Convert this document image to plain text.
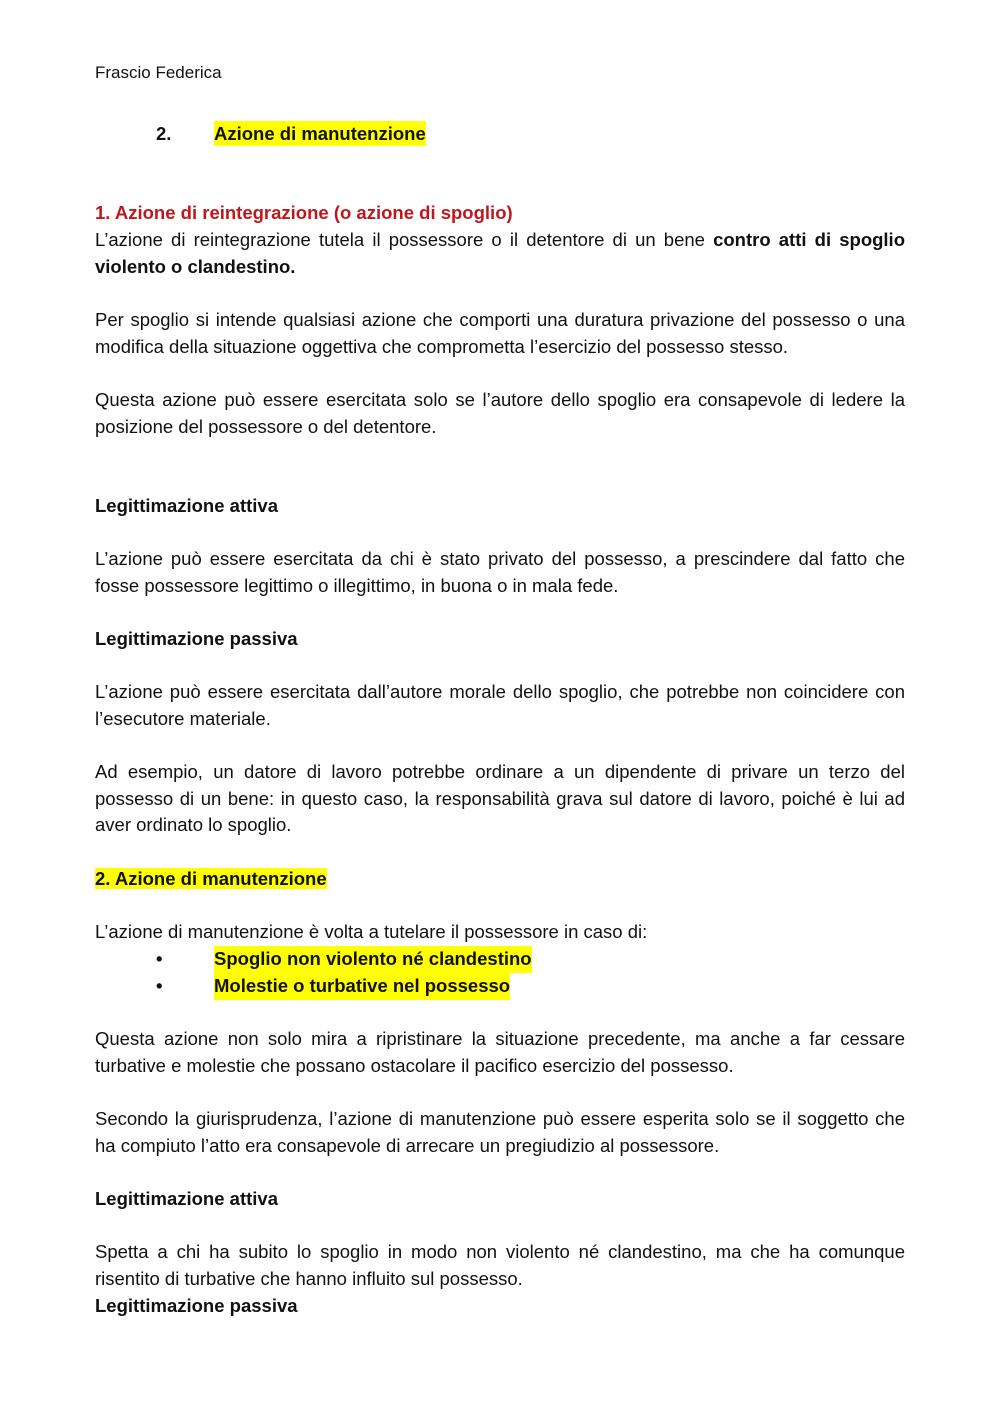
Frascio Federica
2. Azione di manutenzione
1. Azione di reintegrazione (o azione di spoglio)
L’azione di reintegrazione tutela il possessore o il detentore di un bene contro atti di spoglio violento o clandestino.
Per spoglio si intende qualsiasi azione che comporti una duratura privazione del possesso o una modifica della situazione oggettiva che comprometta l’esercizio del possesso stesso.
Questa azione può essere esercitata solo se l’autore dello spoglio era consapevole di ledere la posizione del possessore o del detentore.
Legittimazione attiva
L’azione può essere esercitata da chi è stato privato del possesso, a prescindere dal fatto che fosse possessore legittimo o illegittimo, in buona o in mala fede.
Legittimazione passiva
L’azione può essere esercitata dall’autore morale dello spoglio, che potrebbe non coincidere con l’esecutore materiale.
Ad esempio, un datore di lavoro potrebbe ordinare a un dipendente di privare un terzo del possesso di un bene: in questo caso, la responsabilità grava sul datore di lavoro, poiché è lui ad aver ordinato lo spoglio.
2. Azione di manutenzione
L’azione di manutenzione è volta a tutelare il possessore in caso di:
•	Spoglio non violento né clandestino
•	Molestie o turbative nel possesso
Questa azione non solo mira a ripristinare la situazione precedente, ma anche a far cessare turbative e molestie che possano ostacolare il pacifico esercizio del possesso.
Secondo la giurisprudenza, l’azione di manutenzione può essere esperita solo se il soggetto che ha compiuto l’atto era consapevole di arrecare un pregiudizio al possessore.
Legittimazione attiva
Spetta a chi ha subito lo spoglio in modo non violento né clandestino, ma che ha comunque risentito di turbative che hanno influito sul possesso.
Legittimazione passiva
